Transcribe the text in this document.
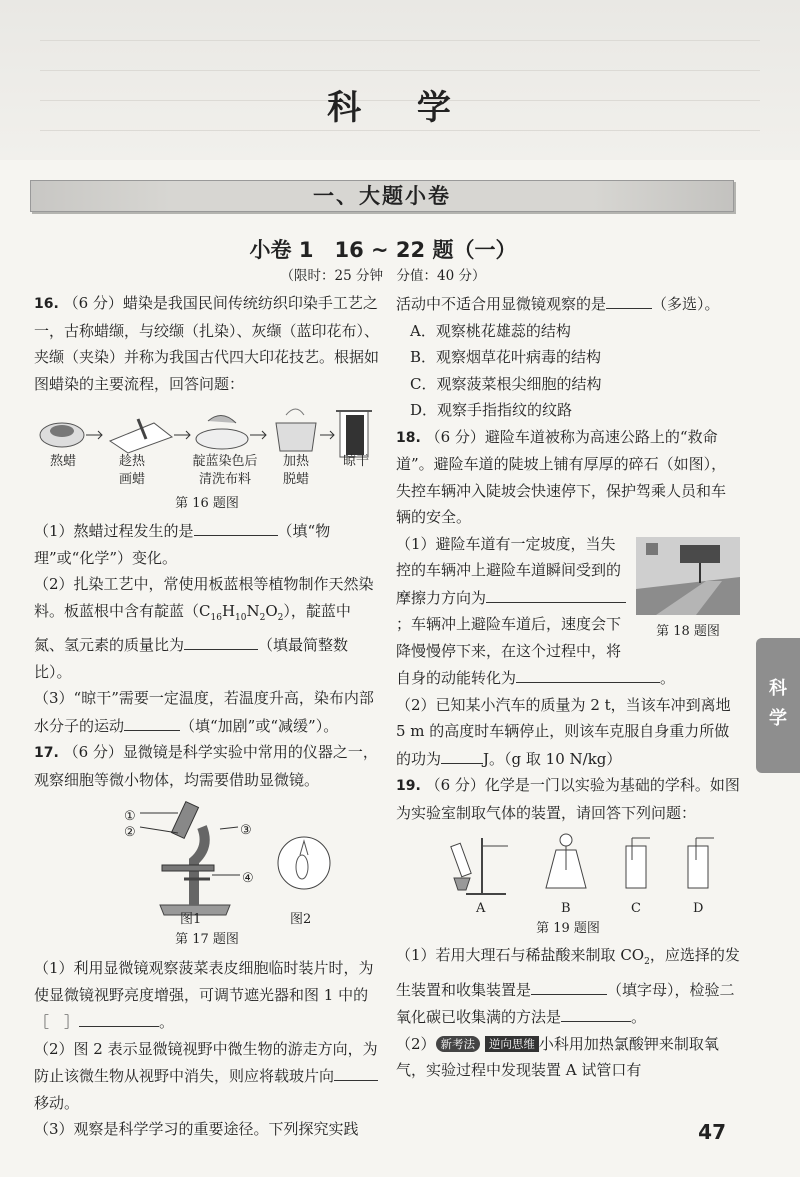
科 学
一、大题小卷
小卷 1　16 ~ 22 题（一）
（限时：25 分钟　分值：40 分）

16. （6 分）蜡染是我国民间传统纺织印染手工艺之一，古称蜡缬，与绞缬（扎染）、灰缬（蓝印花布）、夹缬（夹染）并称为我国古代四大印花技艺。根据如图蜡染的主要流程，回答问题：

熬蜡	趁热
画蜡
靛蓝染色后
清洗布料
加热
脱蜡
晾干
第 16 题图

（1）熬蜡过程发生的是	（填“物理”或“化学”）变化。

（2）扎染工艺中，常使用板蓝根等植物制作天然染料。板蓝根中含有靛蓝$(C_{16}H_{10}N_2O_2)$，靛蓝中氮、氢元素的质量比为	（填最简整数比）。

（3）“晾干”需要一定温度，若温度升高，染布内部水分子的运动	（填“加剧”或“减缓”）。

17. （6 分）显微镜是科学实验中常用的仪器之一，观察细胞等微小物体，均需要借助显微镜。

①
②	③
④
图1	图2
第 17 题图

（1）利用显微镜观察菠菜表皮细胞临时装片时，为使显微镜视野亮度增强，可调节遮光器和图 1 中的［　］	。

（2）图 2 表示显微镜视野中微生物的游走方向，为防止该微生物从视野中消失，则应将载玻片向移动。

（3）观察是科学学习的重要途径。下列探究实践

活动中不适合用显微镜观察的是	（多选）。

A．观察桃花雄蕊的结构

B．观察烟草花叶病毒的结构

C．观察菠菜根尖细胞的结构

D．观察手指指纹的纹路

18. （6 分）避险车道被称为高速公路上的“救命道”。避险车道的陡坡上铺有厚厚的碎石（如图），失控车辆冲入陡坡会快速停下，保护驾乘人员和车辆的安全。

第 18 题图

（1）避险车道有一定坡度，当失控的车辆冲上避险车道瞬间受到的摩擦力方向为；车辆冲上避险车道后，速度会下降慢慢停下来，在这个过程中，将自身的动能转化为	。

（2）已知某小汽车的质量为 2 t，当该车冲到离地 5 m 的高度时车辆停止，则该车克服自身重力所做的功为	J。（g 取 10 N/kg）

19. （6 分）化学是一门以实验为基础的学科。如图为实验室制取气体的装置，请回答下列问题：

A	B	C	D
第 19 题图

（1）若用大理石与稀盐酸来制取 $CO_2$，应选择的发生装置和收集装置是	（填字母），检验二氧化碳已收集满的方法是	。

（2） 新考法 逆向思维 小科用加热氯酸钾来制取氧气，实验过程中发现装置 A 试管口有

科
学
47
